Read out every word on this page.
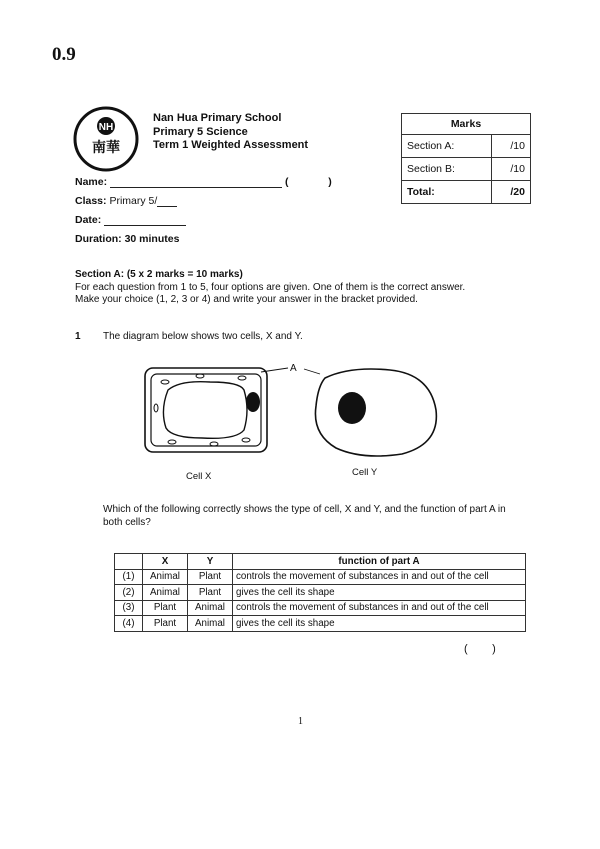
0.9
NH
南華
Nan Hua Primary School
Primary 5 Science
Term 1 Weighted Assessment
Marks	
Section A:	/10
Section B:	/10
Total:	/20
Name:	(	)
Class: Primary 5/
Date:
Duration: 30 minutes
Section A: (5 x 2 marks = 10 marks)
For each question from 1 to 5, four options are given. One of them is the correct answer.
Make your choice (1, 2, 3 or 4) and write your answer in the bracket provided.
1 The diagram below shows two cells, X and Y.
A
Cell X	Cell Y
Which of the following correctly shows the type of cell, X and Y, and the function of part A in both cells?
	X	Y	function of part A
(1)	Animal	Plant	controls the movement of substances in and out of the cell
(2)	Animal	Plant	gives the cell its shape
(3)	Plant	Animal	controls the movement of substances in and out of the cell
(4)	Plant	Animal	gives the cell its shape
(        )
1
